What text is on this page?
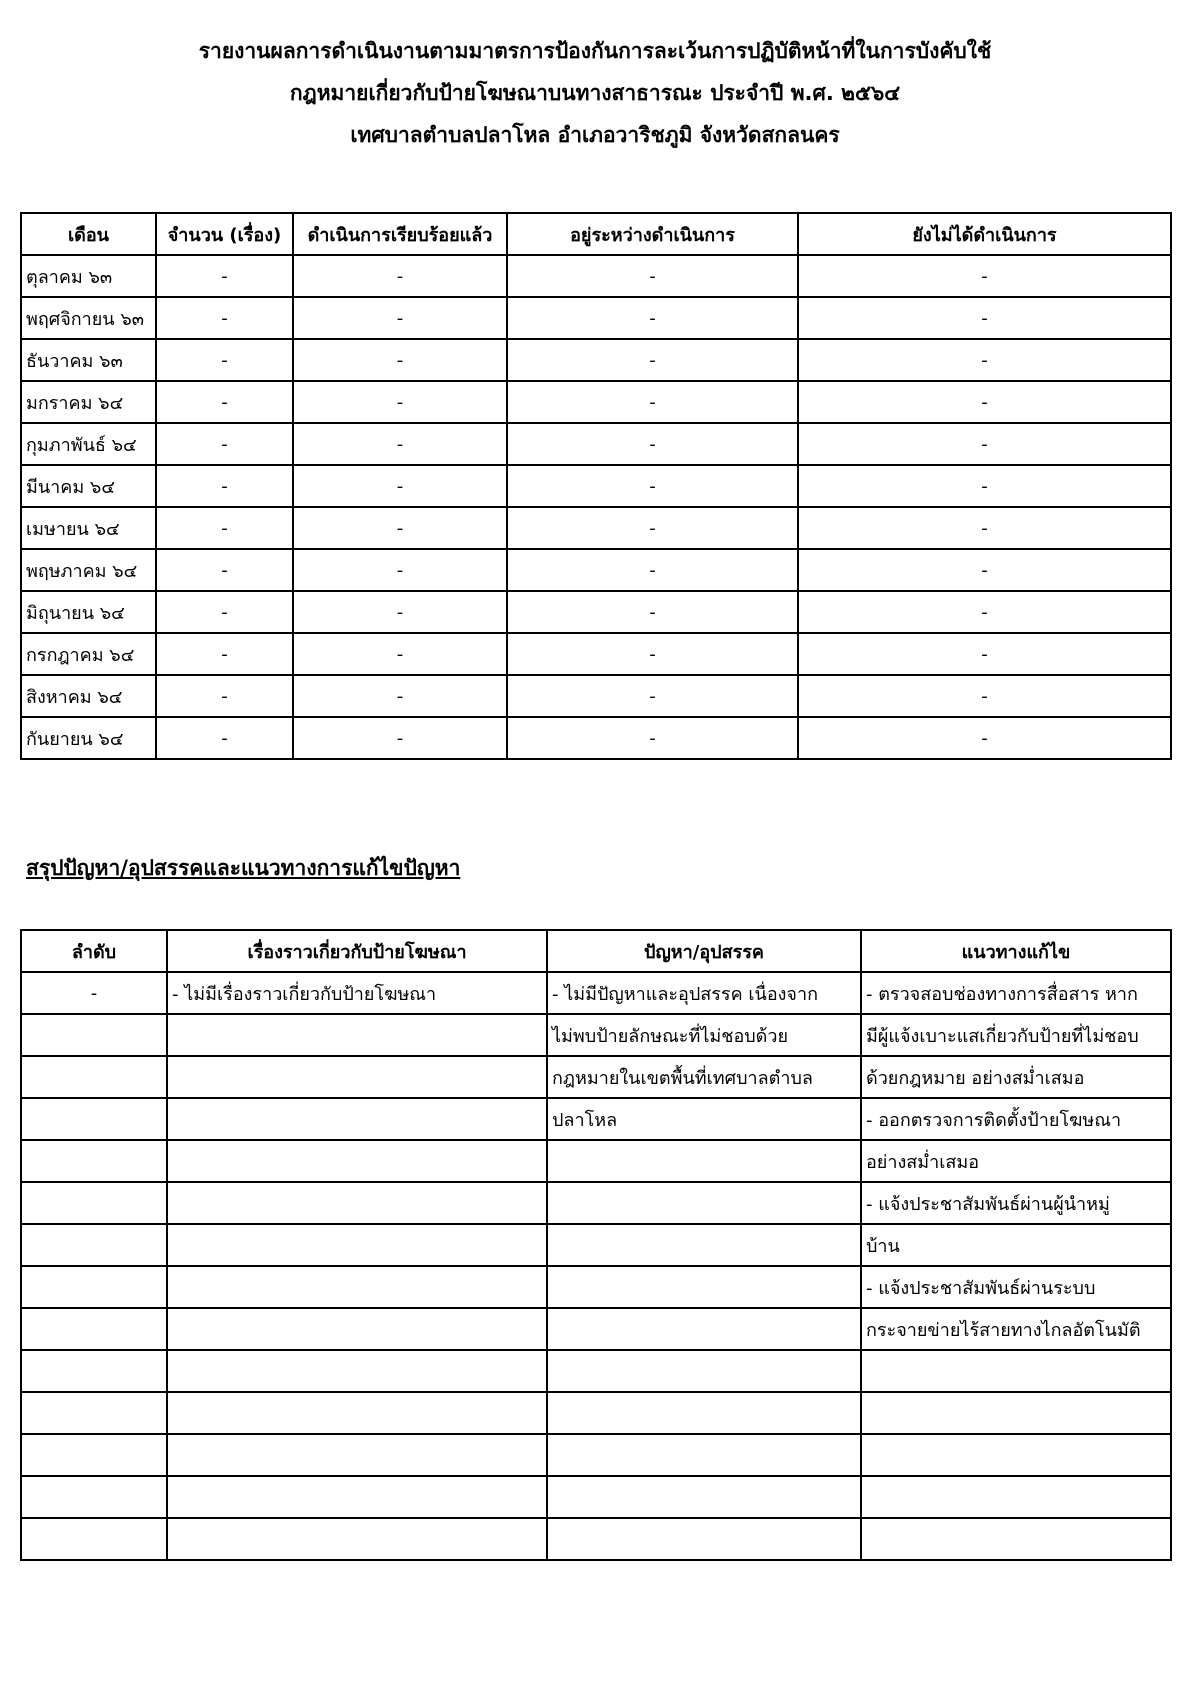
รายงานผลการดำเนินงานตามมาตรการป้องกันการละเว้นการปฏิบัติหน้าที่ในการบังคับใช้
กฎหมายเกี่ยวกับป้ายโฆษณาบนทางสาธารณะ ประจำปี พ.ศ. ๒๕๖๔
เทศบาลตำบลปลาโหล อำเภอวาริชภูมิ จังหวัดสกลนคร
เดือน	จำนวน (เรื่อง)	ดำเนินการเรียบร้อยแล้ว	อยู่ระหว่างดำเนินการ	ยังไม่ได้ดำเนินการ
ตุลาคม ๖๓	-	-	-	-
พฤศจิกายน ๖๓	-	-	-	-
ธันวาคม ๖๓	-	-	-	-
มกราคม ๖๔	-	-	-	-
กุมภาพันธ์ ๖๔	-	-	-	-
มีนาคม ๖๔	-	-	-	-
เมษายน ๖๔	-	-	-	-
พฤษภาคม ๖๔	-	-	-	-
มิถุนายน ๖๔	-	-	-	-
กรกฎาคม ๖๔	-	-	-	-
สิงหาคม ๖๔	-	-	-	-
กันยายน ๖๔	-	-	-	-
สรุปปัญหา/อุปสรรคและแนวทางการแก้ไขปัญหา
ลำดับ	เรื่องราวเกี่ยวกับป้ายโฆษณา	ปัญหา/อุปสรรค	แนวทางแก้ไข
-	- ไม่มีเรื่องราวเกี่ยวกับป้ายโฆษณา	- ไม่มีปัญหาและอุปสรรค เนื่องจาก	- ตรวจสอบช่องทางการสื่อสาร หาก
		ไม่พบป้ายลักษณะที่ไม่ชอบด้วย	มีผู้แจ้งเบาะแสเกี่ยวกับป้ายที่ไม่ชอบ
		กฎหมายในเขตพื้นที่เทศบาลตำบล	ด้วยกฎหมาย อย่างสม่ำเสมอ
		ปลาโหล	- ออกตรวจการติดตั้งป้ายโฆษณา
			อย่างสม่ำเสมอ
			- แจ้งประชาสัมพันธ์ผ่านผู้นำหมู่
			บ้าน
			- แจ้งประชาสัมพันธ์ผ่านระบบ
			กระจายข่ายไร้สายทางไกลอัตโนมัติ
